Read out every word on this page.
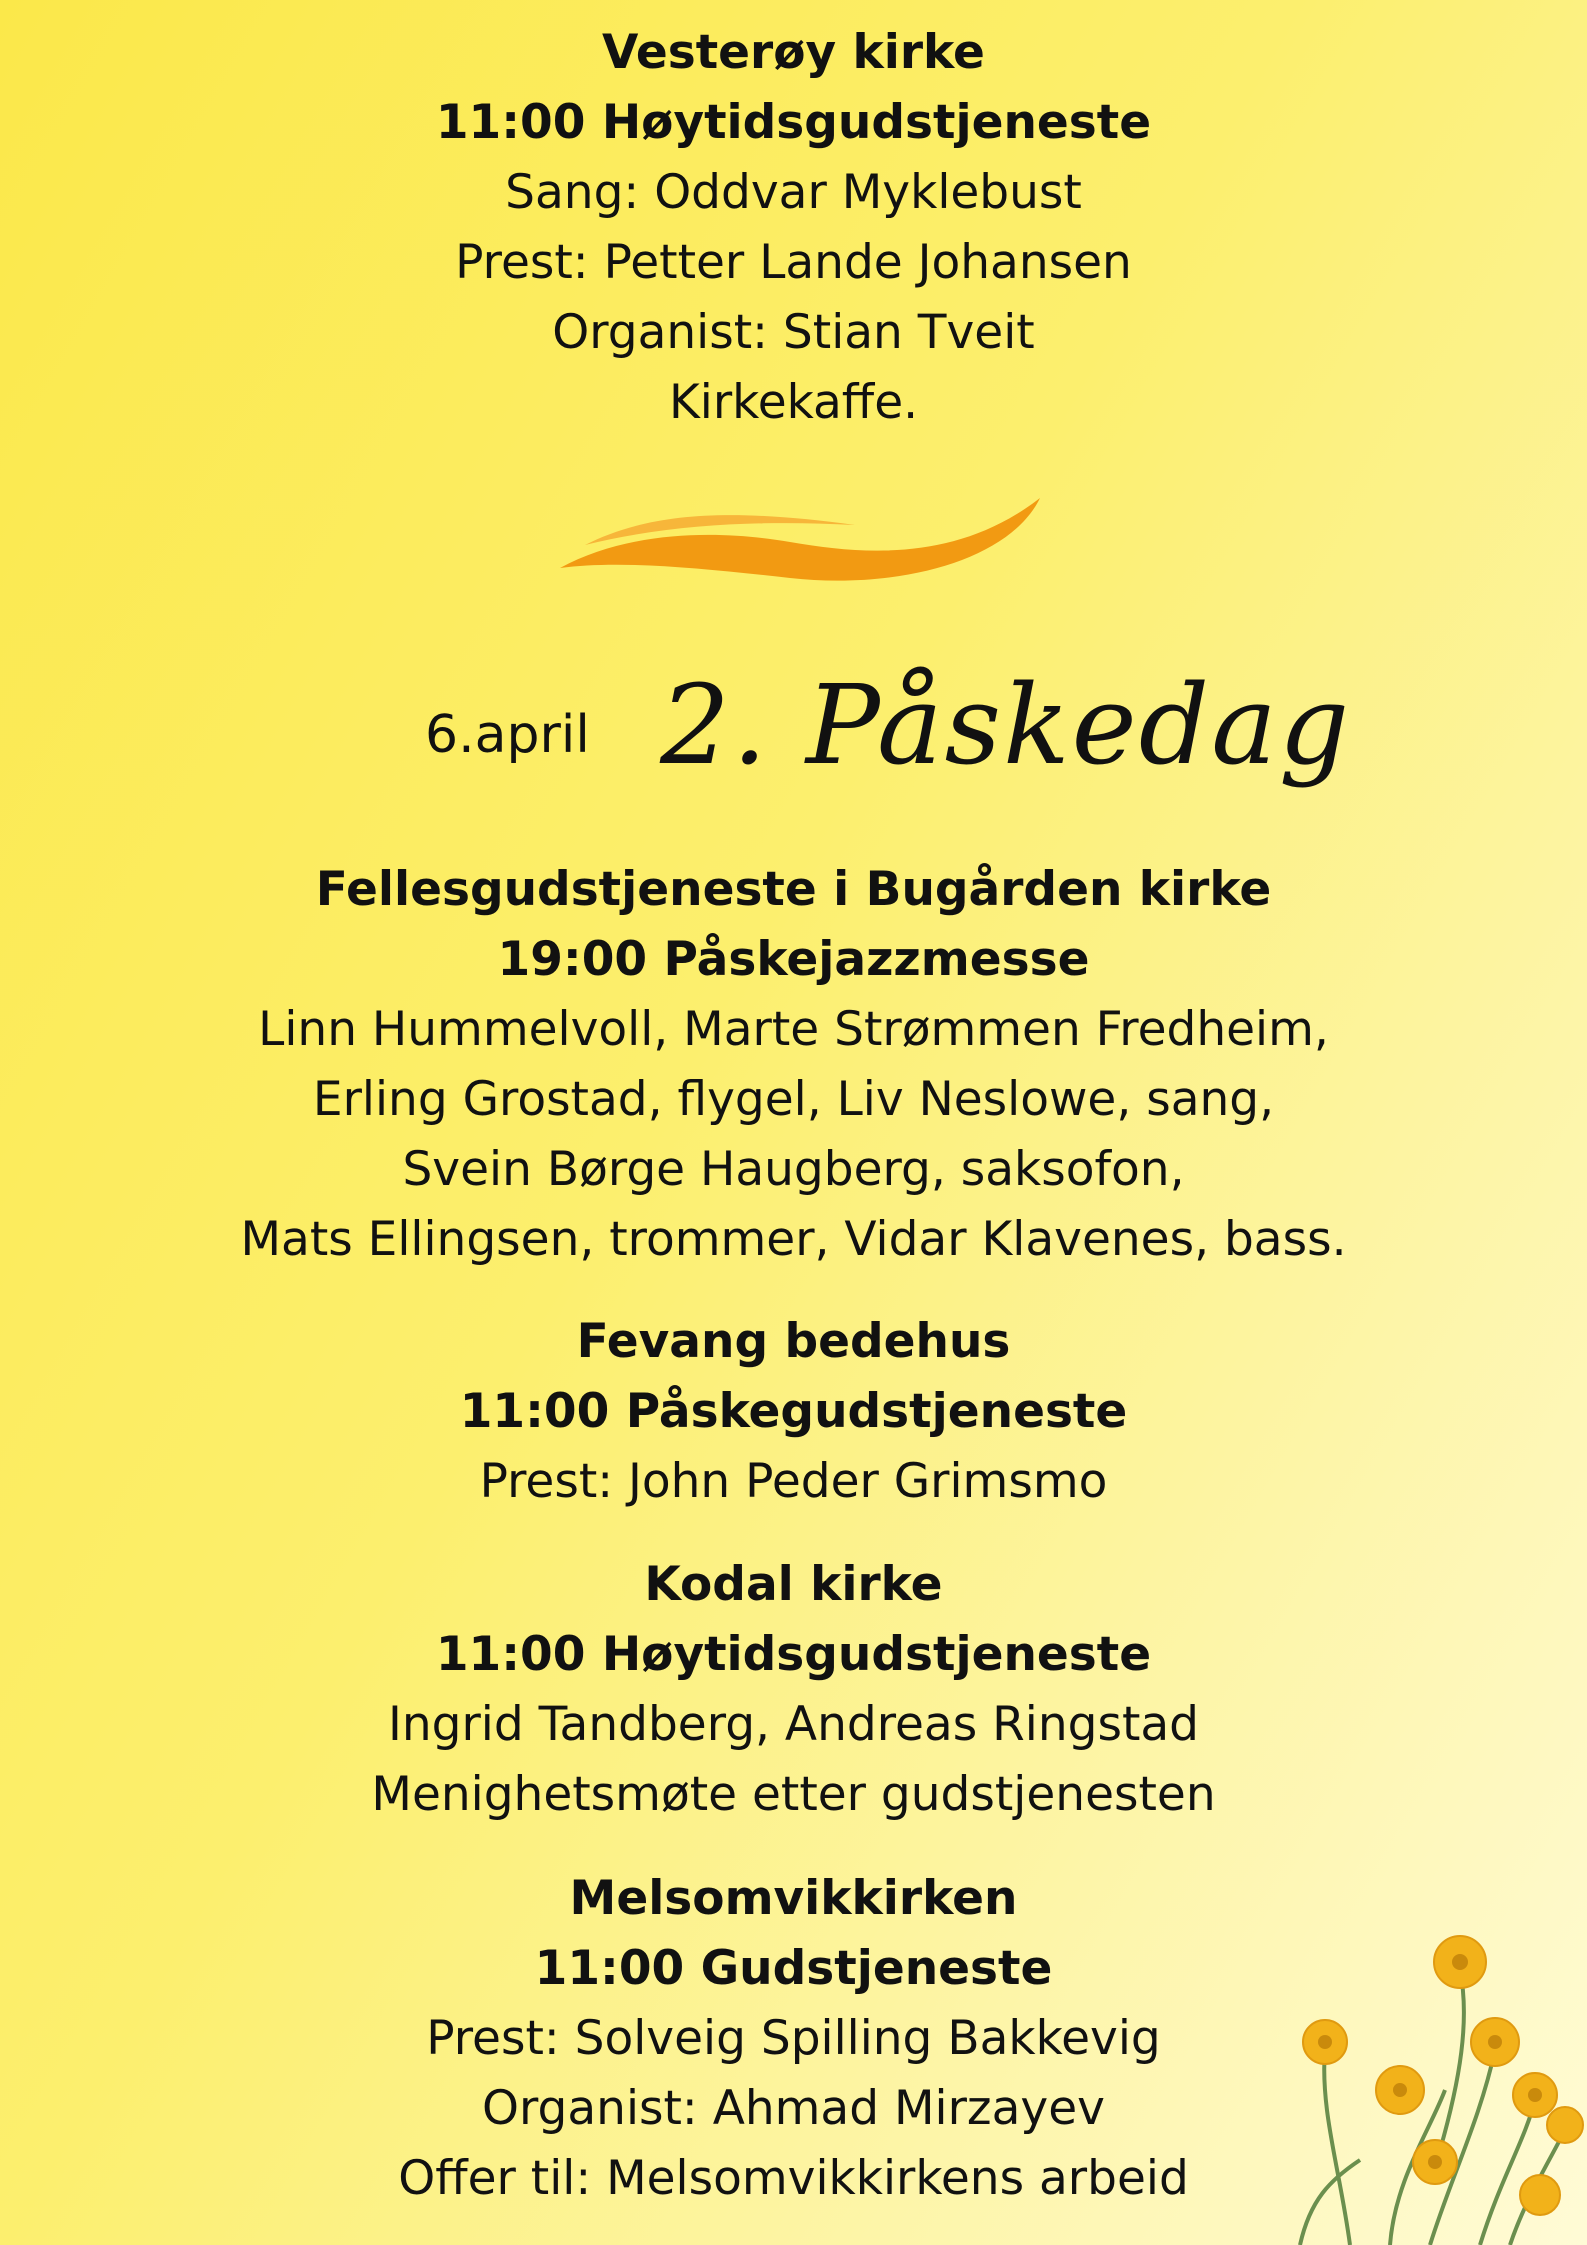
Vesterøy kirke
11:00 Høytidsgudstjeneste
Sang: Oddvar Myklebust
Prest: Petter Lande Johansen
Organist: Stian Tveit
Kirkekaffe.
6.april 2. Påskedag
Fellesgudstjeneste i Bugården kirke
19:00 Påskejazzmesse
Linn Hummelvoll, Marte Strømmen Fredheim,
Erling Grostad, flygel, Liv Neslowe, sang,
Svein Børge Haugberg, saksofon,
Mats Ellingsen, trommer, Vidar Klavenes, bass.
Fevang bedehus
11:00 Påskegudstjeneste
Prest: John Peder Grimsmo
Kodal kirke
11:00 Høytidsgudstjeneste
Ingrid Tandberg, Andreas Ringstad
Menighetsmøte etter gudstjenesten
Melsomvikkirken
11:00 Gudstjeneste
Prest: Solveig Spilling Bakkevig
Organist: Ahmad Mirzayev
Offer til: Melsomvikkirkens arbeid
